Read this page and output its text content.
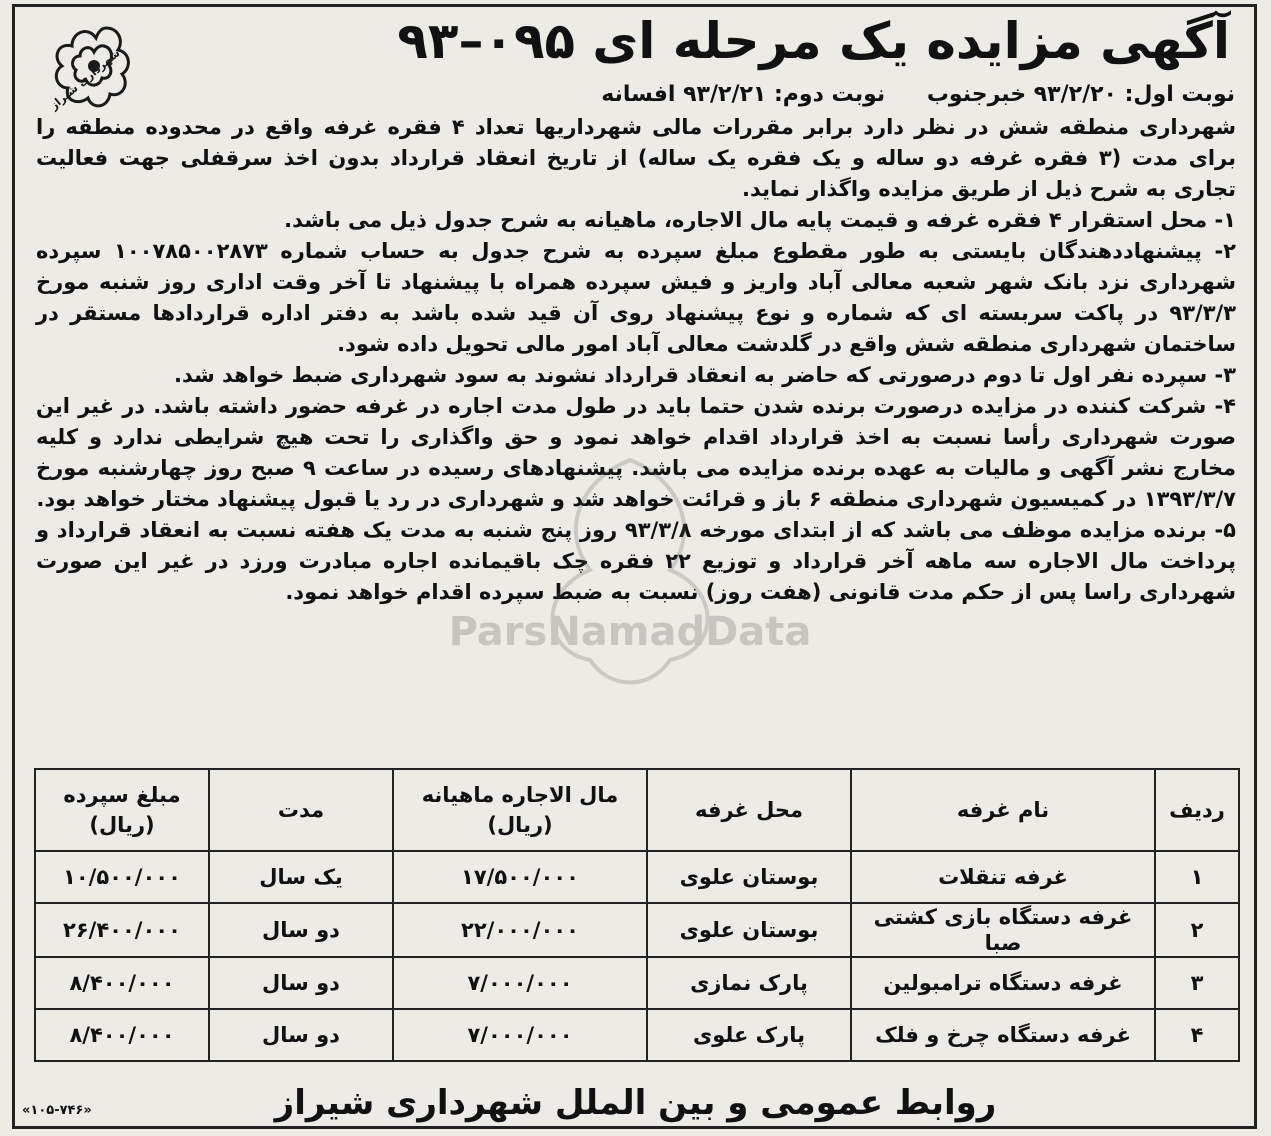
شهرداری شیراز
آگهی مزایده یک مرحله ای ۰۹۵–۹۳
نوبت اول: ۹۳/۲/۲۰ خبرجنوب نوبت دوم: ۹۳/۲/۲۱ افسانه

شهرداری منطقه شش در نظر دارد برابر مقررات مالی شهرداریها تعداد ۴ فقره غرفه واقع در محدوده منطقه را برای مدت (۳ فقره غرفه دو ساله و یک فقره یک ساله) از تاریخ انعقاد قرارداد بدون اخذ سرقفلی جهت فعالیت تجاری به شرح ذیل از طریق مزایده واگذار نماید.

۱- محل استقرار ۴ فقره غرفه و قیمت پایه مال الاجاره، ماهیانه به شرح جدول ذیل می باشد.

۲- پیشنهاددهندگان بایستی به طور مقطوع مبلغ سپرده به شرح جدول به حساب شماره ۱۰۰۷۸۵۰۰۲۸۷۳ سپرده شهرداری نزد بانک شهر شعبه معالی آباد واریز و فیش سپرده همراه با پیشنهاد تا آخر وقت اداری روز شنبه مورخ ۹۳/۳/۳ در پاکت سربسته ای که شماره و نوع پیشنهاد روی آن قید شده باشد به دفتر اداره قراردادها مستقر در ساختمان شهرداری منطقه شش واقع در گلدشت معالی آباد امور مالی تحویل داده شود.

۳- سپرده نفر اول تا دوم درصورتی که حاضر به انعقاد قرارداد نشوند به سود شهرداری ضبط خواهد شد.

۴- شرکت کننده در مزایده درصورت برنده شدن حتما باید در طول مدت اجاره در غرفه حضور داشته باشد. در غیر این صورت شهرداری رأسا نسبت به اخذ قرارداد اقدام خواهد نمود و حق واگذاری را تحت هیچ شرایطی ندارد و کلیه مخارج نشر آگهی و مالیات به عهده برنده مزایده می باشد. پیشنهادهای رسیده در ساعت ۹ صبح روز چهارشنبه مورخ ۱۳۹۳/۳/۷ در کمیسیون شهرداری منطقه ۶ باز و قرائت خواهد شد و شهرداری در رد یا قبول پیشنهاد مختار خواهد بود.

۵- برنده مزایده موظف می باشد که از ابتدای مورخه ۹۳/۳/۸ روز پنج شنبه به مدت یک هفته نسبت به انعقاد قرارداد و پرداخت مال الاجاره سه ماهه آخر قرارداد و توزیع ۲۲ فقره چک باقیمانده اجاره مبادرت ورزد در غیر این صورت شهرداری راسا پس از حکم مدت قانونی (هفت روز) نسبت به ضبط سپرده اقدام خواهد نمود.

ردیف	نام غرفه	محل غرفه	مال الاجاره ماهیانه (ریال)	مدت	مبلغ سپرده (ریال)
۱	غرفه تنقلات	بوستان علوی	۱۷/۵۰۰/۰۰۰	یک سال	۱۰/۵۰۰/۰۰۰
۲	غرفه دستگاه بازی کشتی صبا	بوستان علوی	۲۲/۰۰۰/۰۰۰	دو سال	۲۶/۴۰۰/۰۰۰
۳	غرفه دستگاه ترامبولین	پارک نمازی	۷/۰۰۰/۰۰۰	دو سال	۸/۴۰۰/۰۰۰
۴	غرفه دستگاه چرخ و فلک	پارک علوی	۷/۰۰۰/۰۰۰	دو سال	۸/۴۰۰/۰۰۰
روابط عمومی و بین الملل شهرداری شیراز
«۱۰۵-۷۴۶»
ParsNamadData
